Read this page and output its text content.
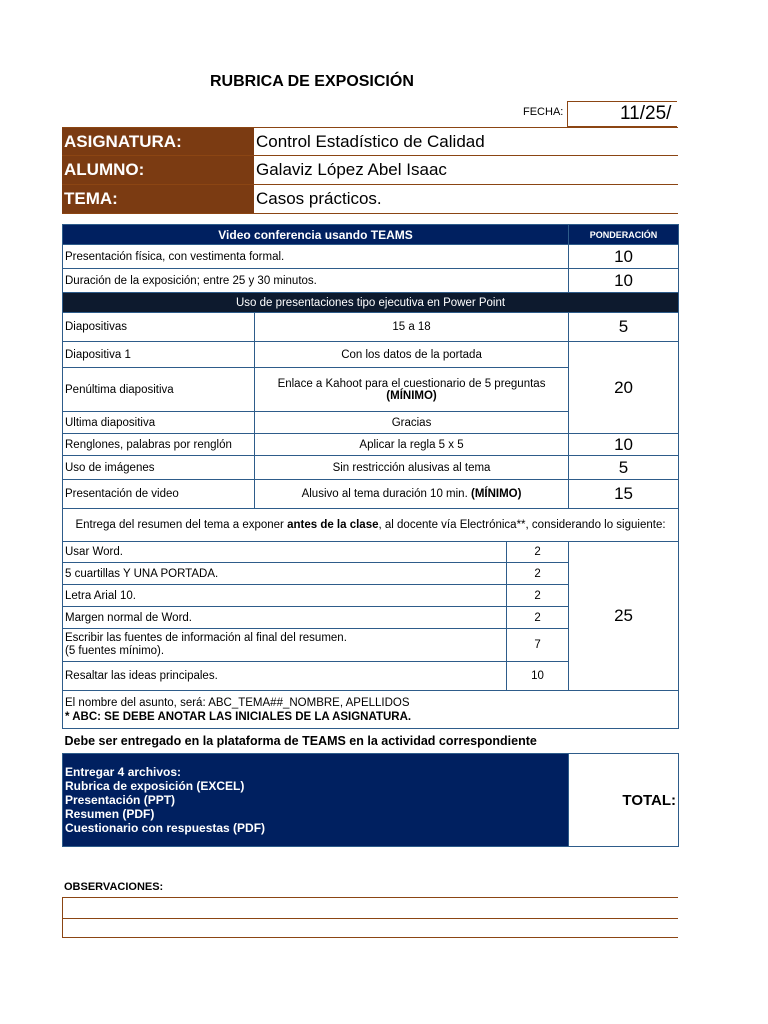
RUBRICA DE EXPOSICIÓN
FECHA:	11/25/
ASIGNATURA:	Control Estadístico de Calidad
ALUMNO:	Galaviz López Abel Isaac
TEMA:	Casos prácticos.
Video conferencia usando TEAMS			PONDERACIÓN
Presentación física, con vestimenta formal.			10
Duración de la exposición; entre 25 y 30 minutos.			10
Uso de presentaciones tipo ejecutiva en Power Point			
Diapositivas	15 a 18		5
Diapositiva 1	Con los datos de la portada		20
Penúltima diapositiva	Enlace a Kahoot para el cuestionario de 5 preguntas
(MÍNIMO)		
Ultima diapositiva	Gracias		
Renglones, palabras por renglón	Aplicar la regla 5 x 5		10
Uso de imágenes	Sin restricción alusivas al tema		5
Presentación de video	Alusivo al tema duración 10 min. (MÍNIMO)		15
Entrega del resumen del tema a exponer antes de la clase, al docente vía Electrónica**, considerando lo siguiente:			
Usar Word.		2	25
5 cuartillas Y UNA PORTADA.		2	
Letra Arial 10.		2	
Margen normal de Word.		2	
Escribir las fuentes de información al final del resumen.
(5 fuentes mínimo).		7	
Resaltar las ideas principales.		10	
El nombre del asunto, será: ABC_TEMA##_NOMBRE, APELLIDOS
* ABC: SE DEBE ANOTAR LAS INICIALES DE LA ASIGNATURA.			
Debe ser entregado en la plataforma de TEAMS en la actividad correspondiente			
Entregar 4 archivos:
Rubrica de exposición (EXCEL)
Presentación (PPT)
Resumen (PDF)
Cuestionario con respuestas (PDF)			TOTAL:
OBSERVACIONES:
